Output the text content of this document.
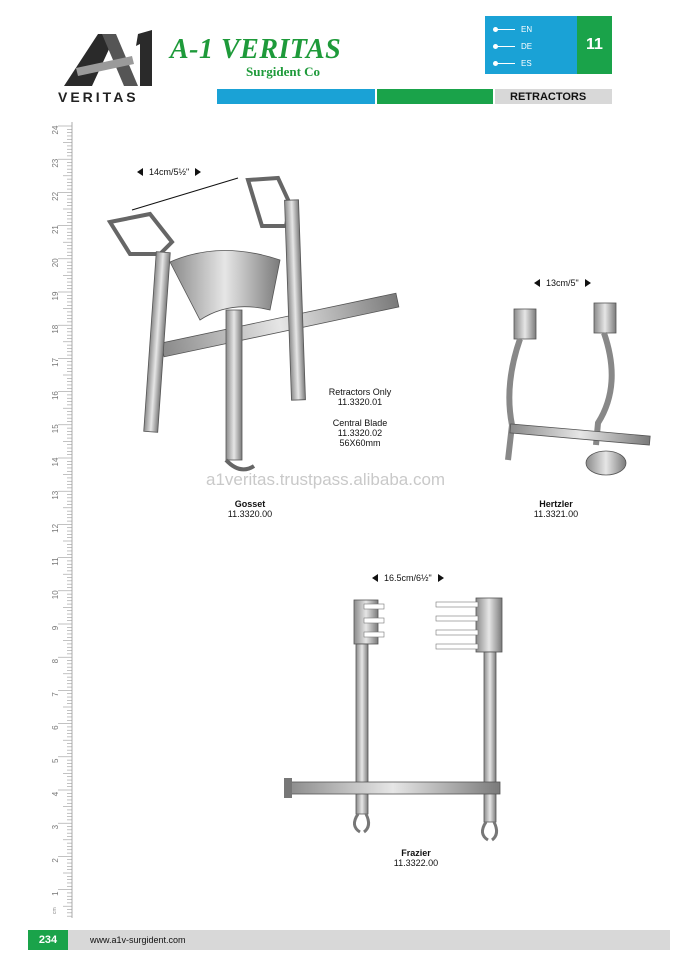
VERITAS
A-1 VERITAS
Surgident Co
EN
DE
ES
11
RETRACTORS
24
23
22
21
20
19
18
17
16
15
14
13
12
11
10
9
8
7
6
5
4
3
2
1
cm
14cm/5½"
Retractors Only
11.3320.01
Central Blade
11.3320.02
56X60mm
Gosset
11.3320.00
a1veritas.trustpass.alibaba.com
13cm/5"
Hertzler
11.3321.00
16.5cm/6½"
Frazier
11.3322.00
234	www.a1v-surgident.com
